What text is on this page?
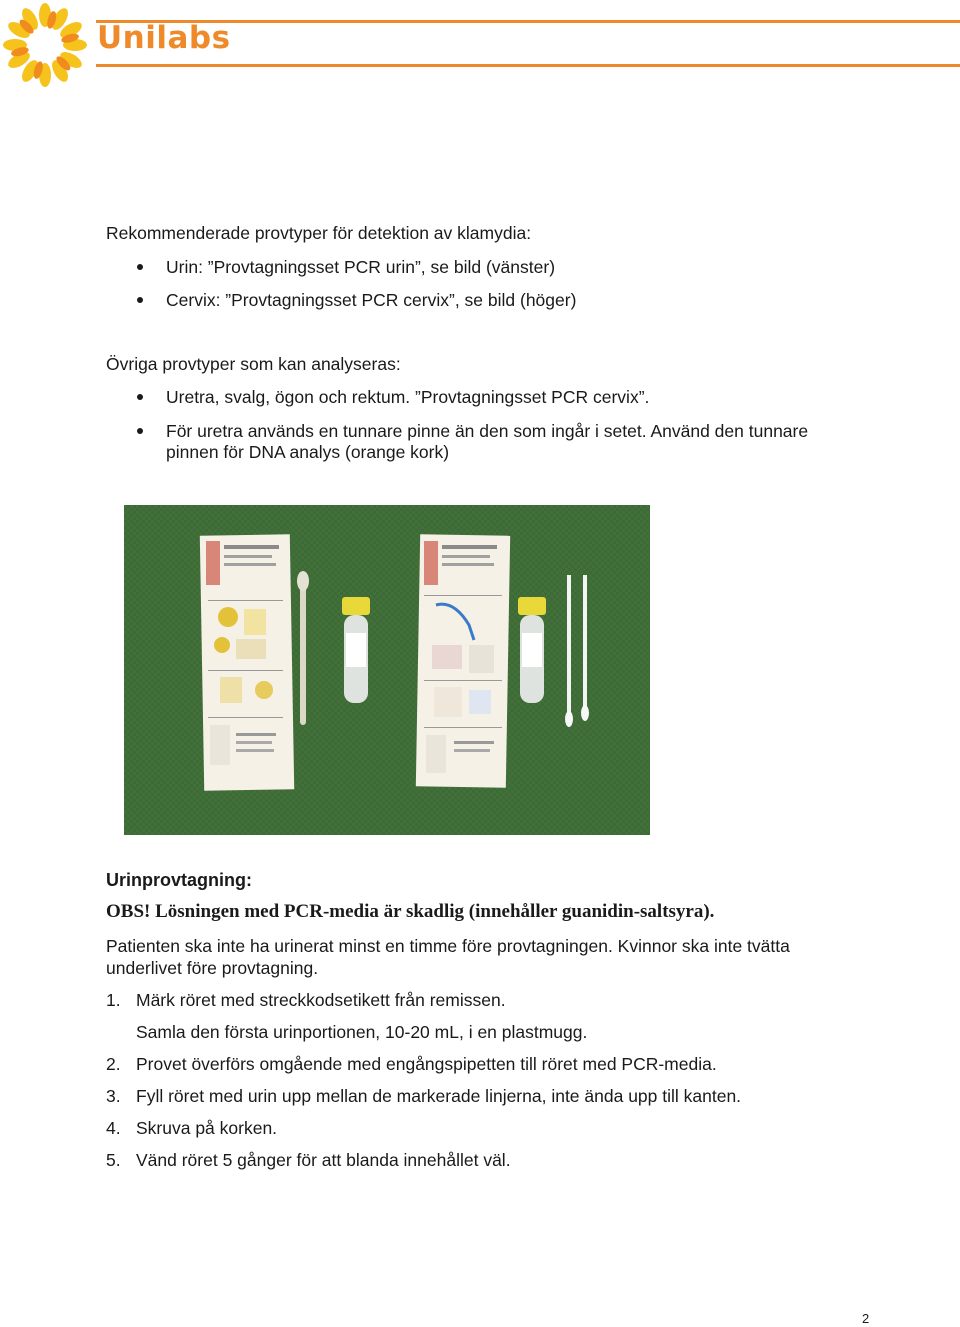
Unilabs
Rekommenderade provtyper för detektion av klamydia:
Urin: ”Provtagningsset PCR urin”, se bild (vänster)
Cervix: ”Provtagningsset PCR cervix”, se bild (höger)
Övriga provtyper som kan analyseras:
Uretra, svalg, ögon och rektum. ”Provtagningsset PCR cervix”.
För uretra används en tunnare pinne än den som ingår i setet. Använd den tunnare
pinnen för DNA analys (orange kork)
Urinprovtagning:
OBS! Lösningen med PCR-media är skadlig (innehåller guanidin-saltsyra).
Patienten ska inte ha urinerat minst en timme före provtagningen. Kvinnor ska inte tvätta
underlivet före provtagning.
1. Märk röret med streckkodsetikett från remissen.
Samla den första urinportionen, 10-20 mL, i en plastmugg.
2. Provet överförs omgående med engångspipetten till röret med PCR-media.
3. Fyll röret med urin upp mellan de markerade linjerna, inte ända upp till kanten.
4. Skruva på korken.
5. Vänd röret 5 gånger för att blanda innehållet väl.
2
